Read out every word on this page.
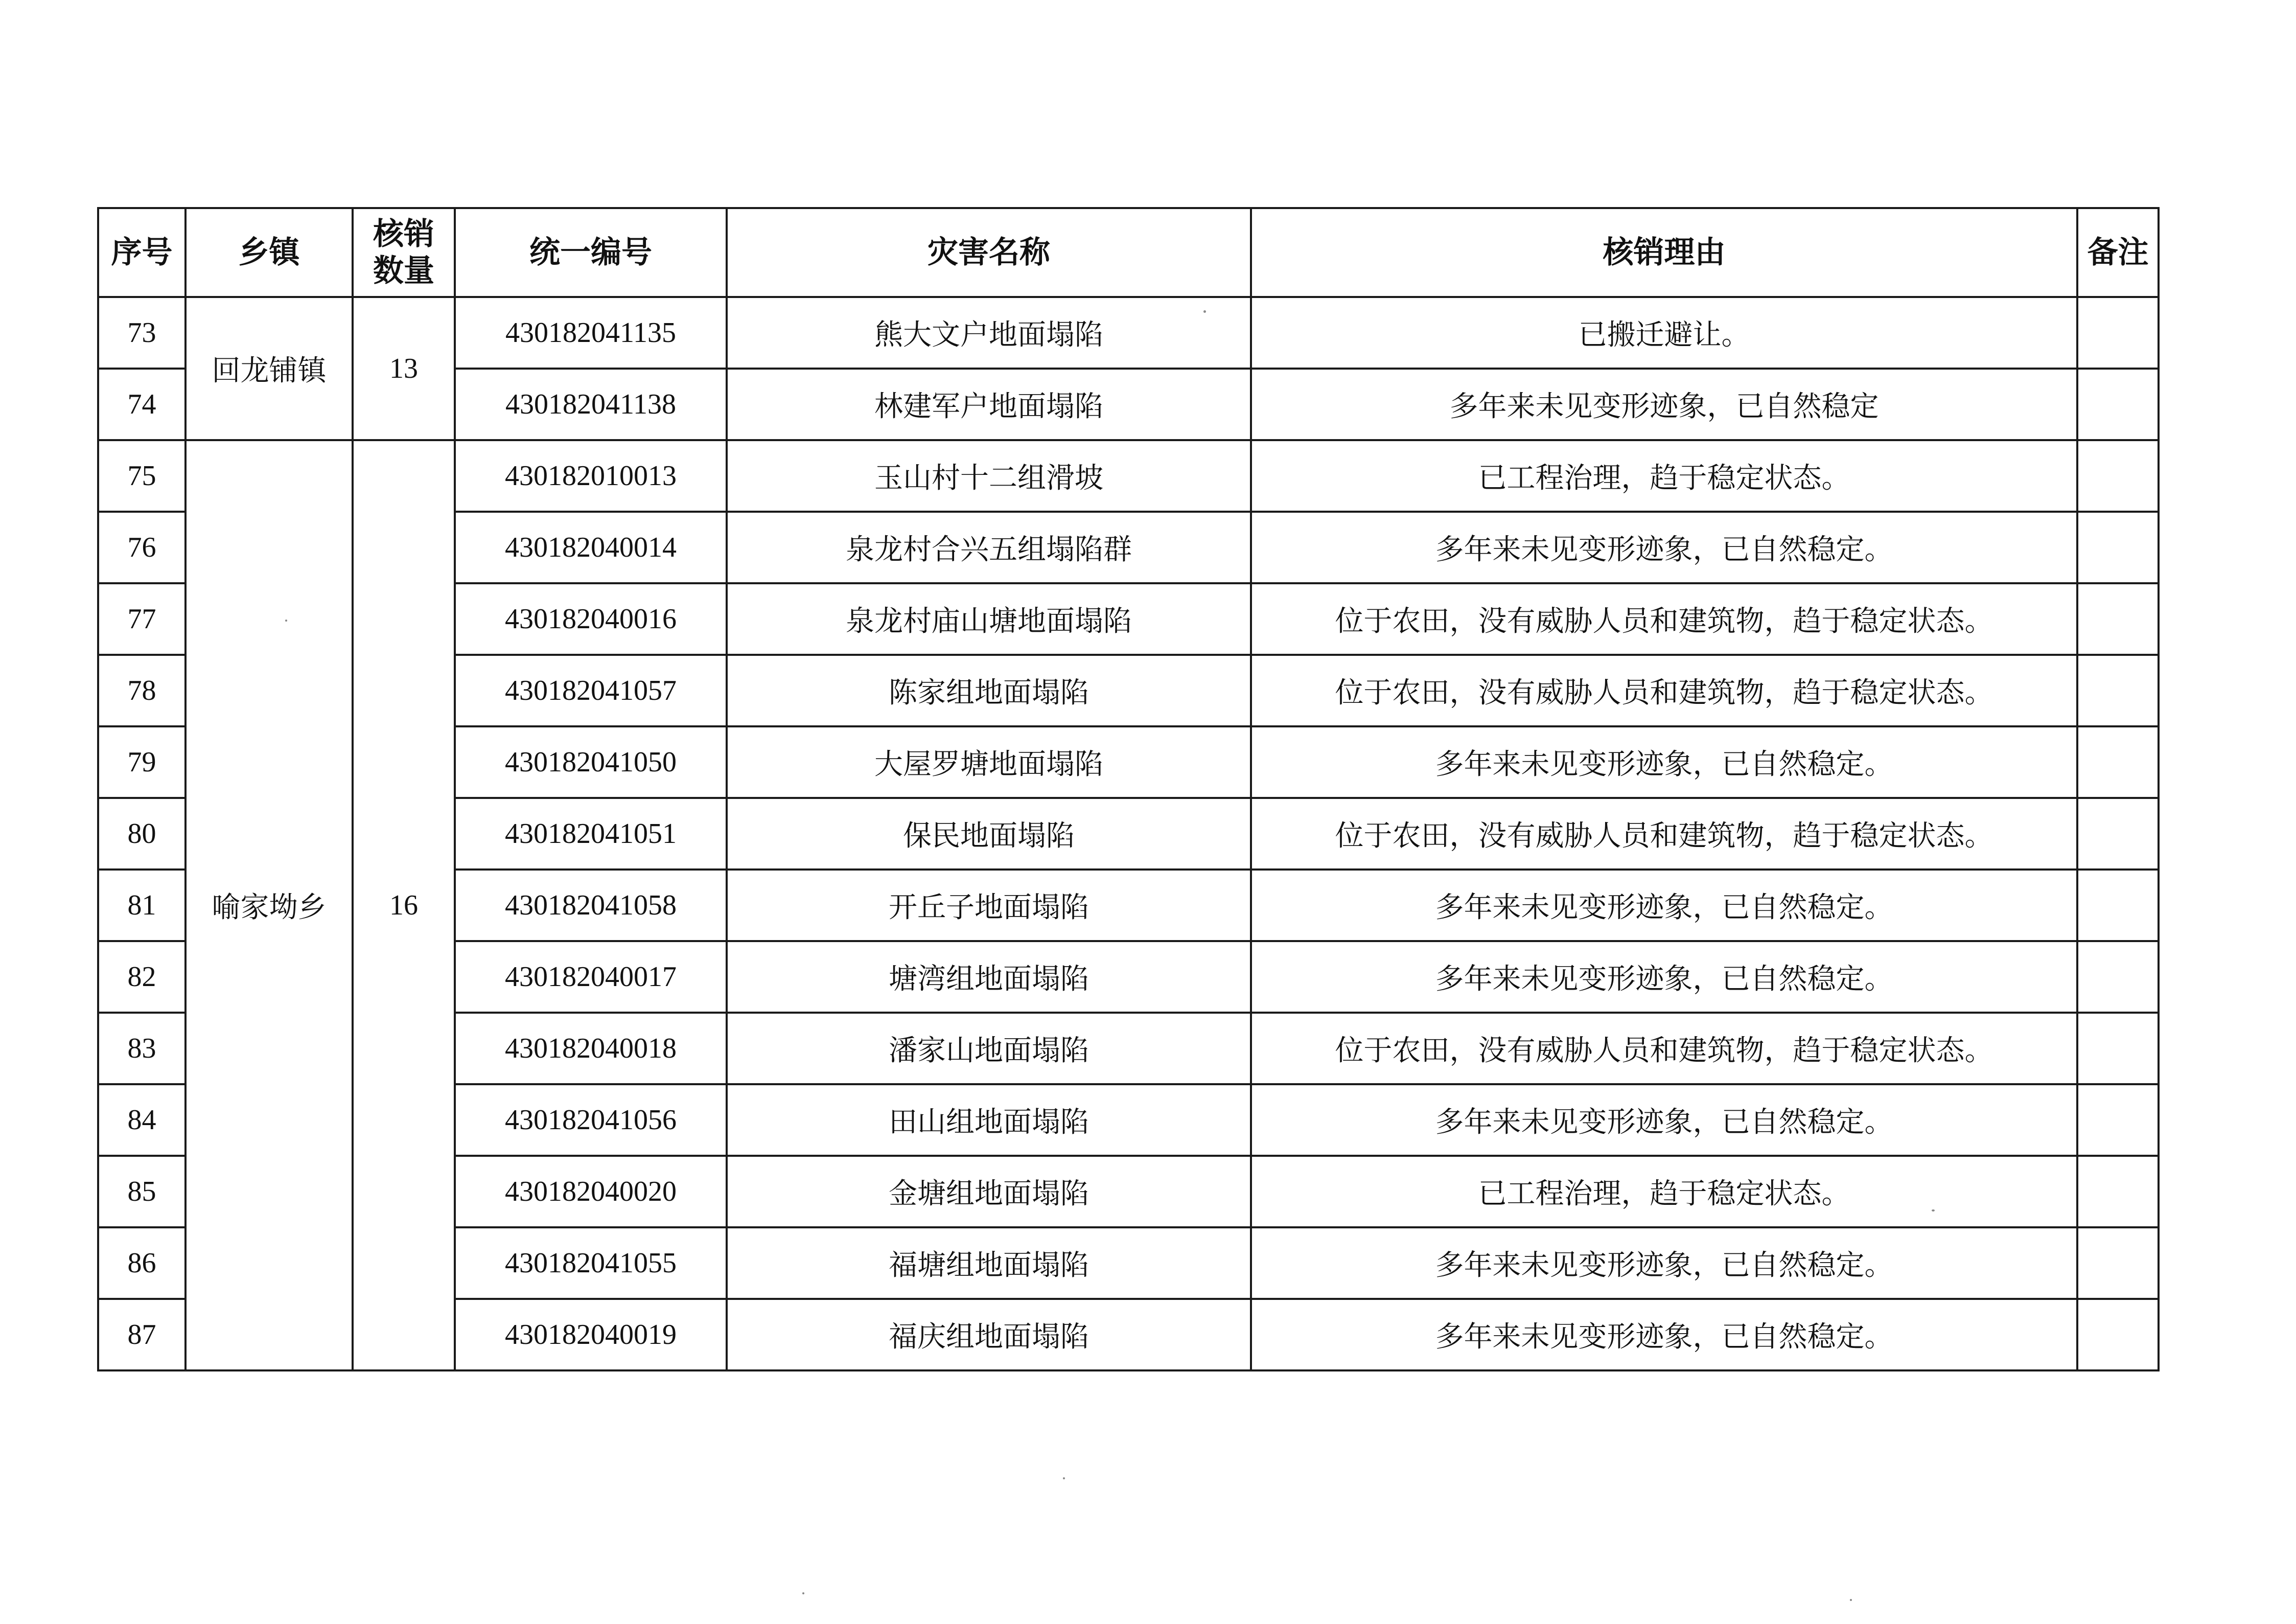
序号	乡镇	核销
数量	统一编号	灾害名称	核销理由	备注
73	回龙铺镇	13	430182041135	熊大文户地面塌陷	已搬迁避让。	
74			430182041138	林建军户地面塌陷	多年来未见变形迹象，已自然稳定	
75	喻家坳乡	16	430182010013	玉山村十二组滑坡	已工程治理，趋于稳定状态。	
76			430182040014	泉龙村合兴五组塌陷群	多年来未见变形迹象，已自然稳定。	
77			430182040016	泉龙村庙山塘地面塌陷	位于农田，没有威胁人员和建筑物，趋于稳定状态。	
78			430182041057	陈家组地面塌陷	位于农田，没有威胁人员和建筑物，趋于稳定状态。	
79			430182041050	大屋罗塘地面塌陷	多年来未见变形迹象，已自然稳定。	
80			430182041051	保民地面塌陷	位于农田，没有威胁人员和建筑物，趋于稳定状态。	
81			430182041058	开丘子地面塌陷	多年来未见变形迹象，已自然稳定。	
82			430182040017	塘湾组地面塌陷	多年来未见变形迹象，已自然稳定。	
83			430182040018	潘家山地面塌陷	位于农田，没有威胁人员和建筑物，趋于稳定状态。	
84			430182041056	田山组地面塌陷	多年来未见变形迹象，已自然稳定。	
85			430182040020	金塘组地面塌陷	已工程治理，趋于稳定状态。	
86			430182041055	福塘组地面塌陷	多年来未见变形迹象，已自然稳定。	
87			430182040019	福庆组地面塌陷	多年来未见变形迹象，已自然稳定。	
